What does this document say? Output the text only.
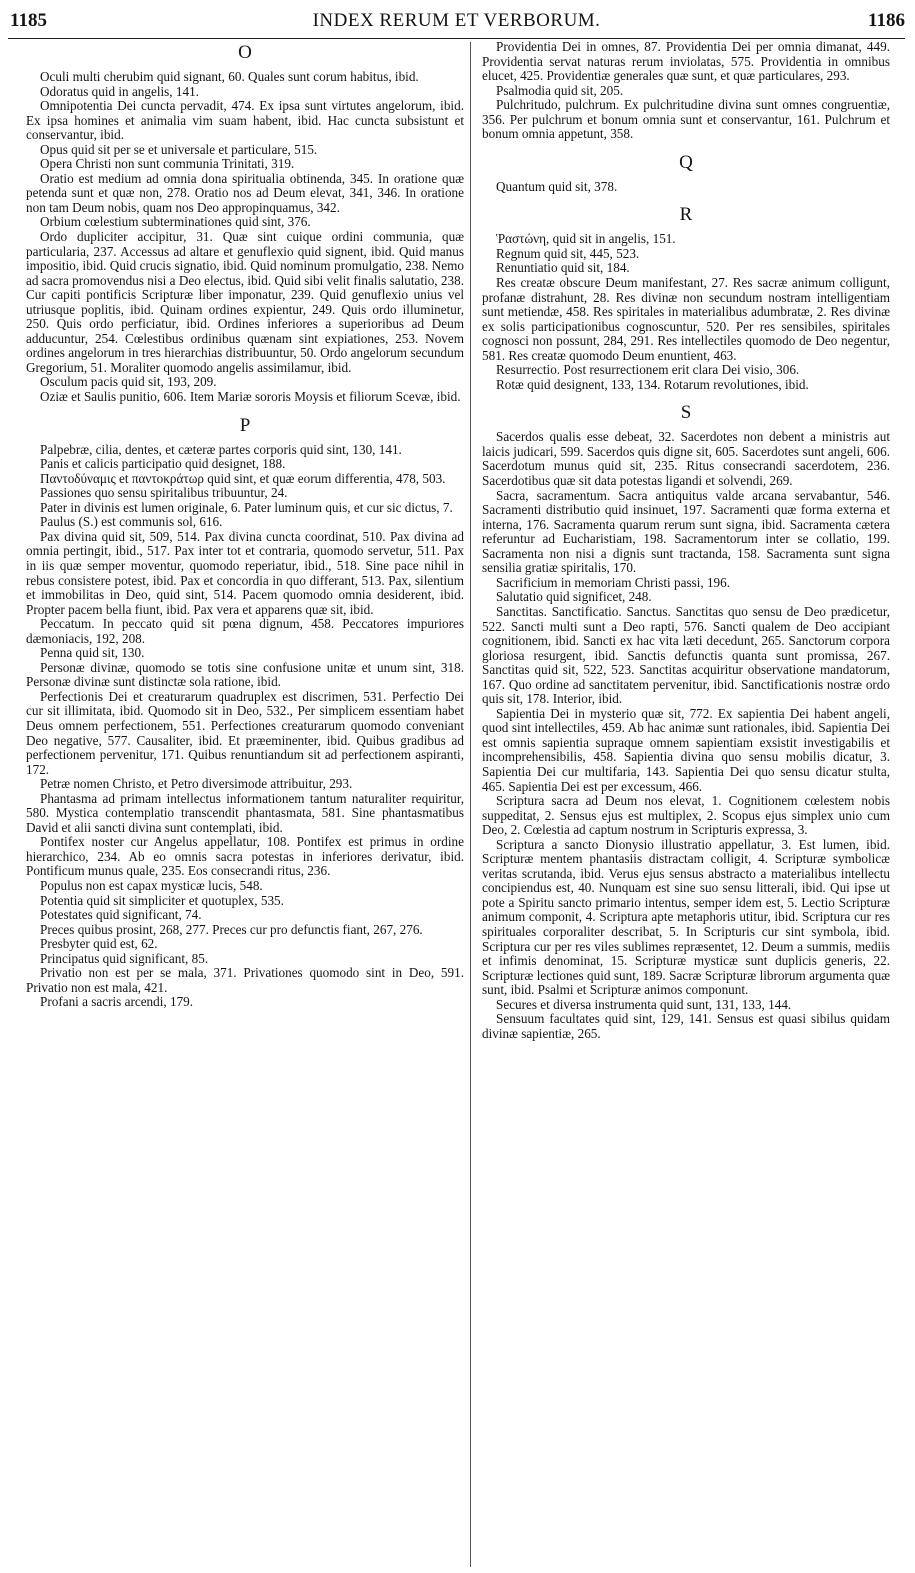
1185	INDEX RERUM ET VERBORUM.	1186
O

Oculi multi cherubim quid signant, 60. Quales sunt corum habitus, ibid.

Odoratus quid in angelis, 141.

Omnipotentia Dei cuncta pervadit, 474. Ex ipsa sunt virtutes angelorum, ibid. Ex ipsa homines et animalia vim suam habent, ibid. Hac cuncta subsistunt et conservantur, ibid.

Opus quid sit per se et universale et particulare, 515.

Opera Christi non sunt communia Trinitati, 319.

Oratio est medium ad omnia dona spiritualia obtinenda, 345. In oratione quæ petenda sunt et quæ non, 278. Oratio nos ad Deum elevat, 341, 346. In oratione non tam Deum nobis, quam nos Deo appropinquamus, 342.

Orbium cœlestium subterminationes quid sint, 376.

Ordo dupliciter accipitur, 31. Quæ sint cuique ordini communia, quæ particularia, 237. Accessus ad altare et genuflexio quid signent, ibid. Quid manus impositio, ibid. Quid crucis signatio, ibid. Quid nominum promulgatio, 238. Nemo ad sacra promovendus nisi a Deo electus, ibid. Quid sibi velit finalis salutatio, 238. Cur capiti pontificis Scripturæ liber imponatur, 239. Quid genuflexio unius vel utriusque poplitis, ibid. Quinam ordines expientur, 249. Quis ordo illuminetur, 250. Quis ordo perficiatur, ibid. Ordines inferiores a superioribus ad Deum adducuntur, 254. Cœlestibus ordinibus quænam sint expiationes, 253. Novem ordines angelorum in tres hierarchias distribuuntur, 50. Ordo angelorum secundum Gregorium, 51. Moraliter quomodo angelis assimilamur, ibid.

Osculum pacis quid sit, 193, 209.

Oziæ et Saulis punitio, 606. Item Mariæ sororis Moysis et filiorum Scevæ, ibid.

P

Palpebræ, cilia, dentes, et cæteræ partes corporis quid sint, 130, 141.

Panis et calicis participatio quid designet, 188.

Παντοδύναμις et παντοκράτωρ quid sint, et quæ eorum differentia, 478, 503.

Passiones quo sensu spiritalibus tribuuntur, 24.

Pater in divinis est lumen originale, 6. Pater luminum quis, et cur sic dictus, 7.

Paulus (S.) est communis sol, 616.

Pax divina quid sit, 509, 514. Pax divina cuncta coordinat, 510. Pax divina ad omnia pertingit, ibid., 517. Pax inter tot et contraria, quomodo servetur, 511. Pax in iis quæ semper moventur, quomodo reperiatur, ibid., 518. Sine pace nihil in rebus consistere potest, ibid. Pax et concordia in quo differant, 513. Pax, silentium et immobilitas in Deo, quid sint, 514. Pacem quomodo omnia desiderent, ibid. Propter pacem bella fiunt, ibid. Pax vera et apparens quæ sit, ibid.

Peccatum. In peccato quid sit pœna dignum, 458. Peccatores impuriores dæmoniacis, 192, 208.

Penna quid sit, 130.

Personæ divinæ, quomodo se totis sine confusione unitæ et unum sint, 318. Personæ divinæ sunt distinctæ sola ratione, ibid.

Perfectionis Dei et creaturarum quadruplex est discrimen, 531. Perfectio Dei cur sit illimitata, ibid. Quomodo sit in Deo, 532., Per simplicem essentiam habet Deus omnem perfectionem, 551. Perfectiones creaturarum quomodo conveniant Deo negative, 577. Causaliter, ibid. Et præeminenter, ibid. Quibus gradibus ad perfectionem pervenitur, 171. Quibus renuntiandum sit ad perfectionem aspiranti, 172.

Petræ nomen Christo, et Petro diversimode attribuitur, 293.

Phantasma ad primam intellectus informationem tantum naturaliter requiritur, 580. Mystica contemplatio transcendit phantasmata, 581. Sine phantasmatibus David et alii sancti divina sunt contemplati, ibid.

Pontifex noster cur Angelus appellatur, 108. Pontifex est primus in ordine hierarchico, 234. Ab eo omnis sacra potestas in inferiores derivatur, ibid. Pontificum munus quale, 235. Eos consecrandi ritus, 236.

Populus non est capax mysticæ lucis, 548.

Potentia quid sit simpliciter et quotuplex, 535.

Potestates quid significant, 74.

Preces quibus prosint, 268, 277. Preces cur pro defunctis fiant, 267, 276.

Presbyter quid est, 62.

Principatus quid significant, 85.

Privatio non est per se mala, 371. Privationes quomodo sint in Deo, 591. Privatio non est mala, 421.

Profani a sacris arcendi, 179.

Providentia Dei in omnes, 87. Providentia Dei per omnia dimanat, 449. Providentia servat naturas rerum inviolatas, 575. Providentia in omnibus elucet, 425. Providentiæ generales quæ sunt, et quæ particulares, 293.

Psalmodia quid sit, 205.

Pulchritudo, pulchrum. Ex pulchritudine divina sunt omnes congruentiæ, 356. Per pulchrum et bonum omnia sunt et conservantur, 161. Pulchrum et bonum omnia appetunt, 358.

Q

Quantum quid sit, 378.

R

Ῥαστώνη, quid sit in angelis, 151.

Regnum quid sit, 445, 523.

Renuntiatio quid sit, 184.

Res creatæ obscure Deum manifestant, 27. Res sacræ animum colligunt, profanæ distrahunt, 28. Res divinæ non secundum nostram intelligentiam sunt metiendæ, 458. Res spiritales in materialibus adumbratæ, 2. Res divinæ ex solis participationibus cognoscuntur, 520. Per res sensibiles, spiritales cognosci non possunt, 284, 291. Res intellectiles quomodo de Deo negentur, 581. Res creatæ quomodo Deum enuntient, 463.

Resurrectio. Post resurrectionem erit clara Dei visio, 306.

Rotæ quid designent, 133, 134. Rotarum revolutiones, ibid.

S

Sacerdos qualis esse debeat, 32. Sacerdotes non debent a ministris aut laicis judicari, 599. Sacerdos quis digne sit, 605. Sacerdotes sunt angeli, 606. Sacerdotum munus quid sit, 235. Ritus consecrandi sacerdotem, 236. Sacerdotibus quæ sit data potestas ligandi et solvendi, 269.

Sacra, sacramentum. Sacra antiquitus valde arcana servabantur, 546. Sacramenti distributio quid insinuet, 197. Sacramenti quæ forma externa et interna, 176. Sacramenta quarum rerum sunt signa, ibid. Sacramenta cætera referuntur ad Eucharistiam, 198. Sacramentorum inter se collatio, 199. Sacramenta non nisi a dignis sunt tractanda, 158. Sacramenta sunt signa sensilia gratiæ spiritalis, 170.

Sacrificium in memoriam Christi passi, 196.

Salutatio quid significet, 248.

Sanctitas. Sanctificatio. Sanctus. Sanctitas quo sensu de Deo prædicetur, 522. Sancti multi sunt a Deo rapti, 576. Sancti qualem de Deo accipiant cognitionem, ibid. Sancti ex hac vita læti decedunt, 265. Sanctorum corpora gloriosa resurgent, ibid. Sanctis defunctis quanta sunt promissa, 267. Sanctitas quid sit, 522, 523. Sanctitas acquiritur observatione mandatorum, 167. Quo ordine ad sanctitatem pervenitur, ibid. Sanctificationis nostræ ordo quis sit, 178. Interior, ibid.

Sapientia Dei in mysterio quæ sit, 772. Ex sapientia Dei habent angeli, quod sint intellectiles, 459. Ab hac animæ sunt rationales, ibid. Sapientia Dei est omnis sapientia supraque omnem sapientiam exsistit investigabilis et incomprehensibilis, 458. Sapientia divina quo sensu mobilis dicatur, 3. Sapientia Dei cur multifaria, 143. Sapientia Dei quo sensu dicatur stulta, 465. Sapientia Dei est per excessum, 466.

Scriptura sacra ad Deum nos elevat, 1. Cognitionem cœlestem nobis suppeditat, 2. Sensus ejus est multiplex, 2. Scopus ejus simplex unio cum Deo, 2. Cœlestia ad captum nostrum in Scripturis expressa, 3.

Scriptura a sancto Dionysio illustratio appellatur, 3. Est lumen, ibid. Scripturæ mentem phantasiis distractam colligit, 4. Scripturæ symbolicæ veritas scrutanda, ibid. Verus ejus sensus abstracto a materialibus intellectu concipiendus est, 40. Nunquam est sine suo sensu litterali, ibid. Qui ipse ut pote a Spiritu sancto primario intentus, semper idem est, 5. Lectio Scripturæ animum componit, 4. Scriptura apte metaphoris utitur, ibid. Scriptura cur res spirituales corporaliter describat, 5. In Scripturis cur sint symbola, ibid. Scriptura cur per res viles sublimes repræsentet, 12. Deum a summis, mediis et infimis denominat, 15. Scripturæ mysticæ sunt duplicis generis, 22. Scripturæ lectiones quid sunt, 189. Sacræ Scripturæ librorum argumenta quæ sunt, ibid. Psalmi et Scripturæ animos componunt.

Secures et diversa instrumenta quid sunt, 131, 133, 144.

Sensuum facultates quid sint, 129, 141. Sensus est quasi sibilus quidam divinæ sapientiæ, 265.
